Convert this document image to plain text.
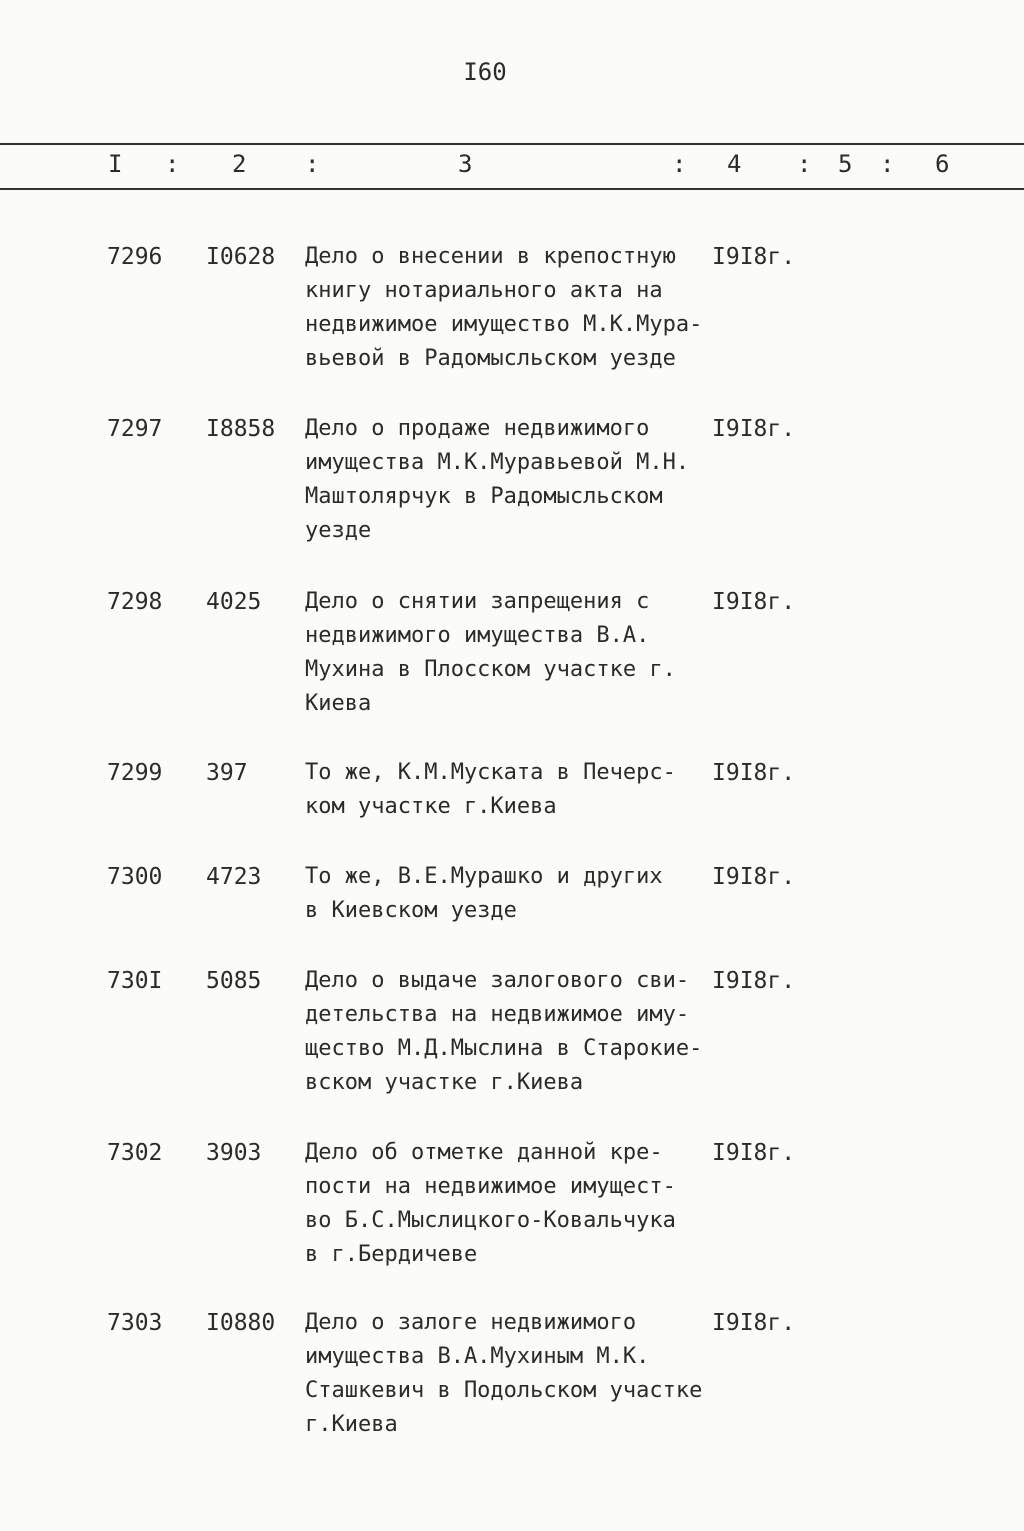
I60
I : 2 :	3	: 4 : 5 : 6
7296 I0628 Дело о внесении в крепостную
книгу нотариального акта на
недвижимое имущество М.К.Мура-
вьевой в Радомысльском уезде
I9I8г.
7297 I8858 Дело о продаже недвижимого
имущества М.К.Муравьевой М.Н.
Маштолярчук в Радомысльском
уезде
I9I8г.
7298 4025 Дело о снятии запрещения с
недвижимого имущества В.А.
Мухина в Плосском участке г.
Киева
I9I8г.
7299 397	То же, К.М.Муската в Печерс-
ком участке г.Киева
I9I8г.
7300 4723 То же, В.Е.Мурашко и других
в Киевском уезде
I9I8г.
730I 5085 Дело о выдаче залогового сви-
детельства на недвижимое иму-
щество М.Д.Мыслина в Старокие-
вском участке г.Киева
I9I8г.
7302 3903 Дело об отметке данной кре-
пости на недвижимое имущест-
во Б.С.Мыслицкого-Ковальчука
в г.Бердичеве
I9I8г.
7303 I0880 Дело о залоге недвижимого
имущества В.А.Мухиным М.К.
Сташкевич в Подольском участке
г.Киева
I9I8г.
